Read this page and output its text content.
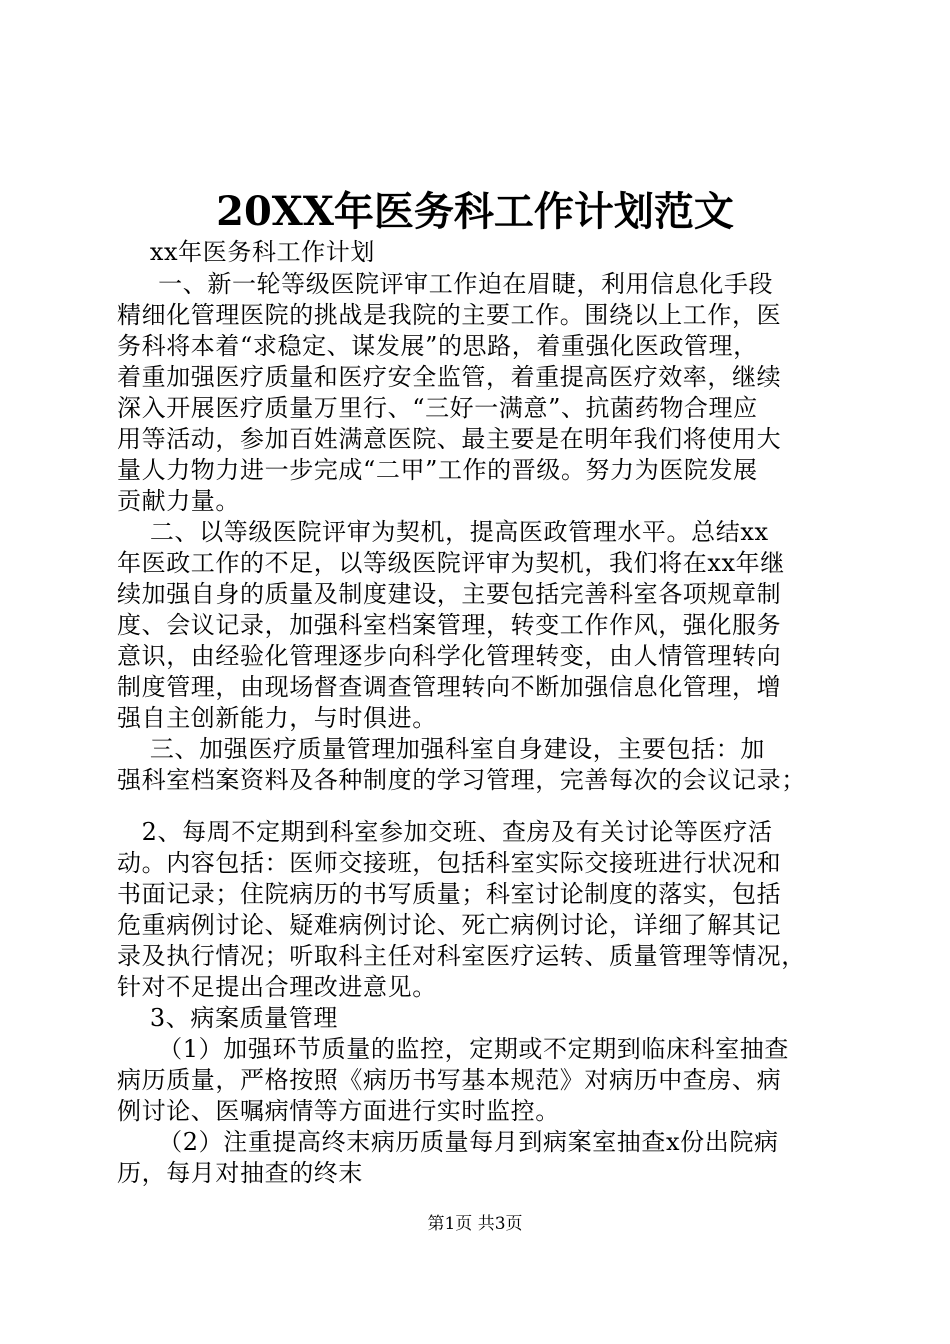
20XX年医务科工作计划范文
xx年医务科工作计划
一、新一轮等级医院评审工作迫在眉睫，利用信息化手段
精细化管理医院的挑战是我院的主要工作。围绕以上工作，医
务科将本着“求稳定、谋发展”的思路，着重强化医政管理，
着重加强医疗质量和医疗安全监管，着重提高医疗效率，继续
深入开展医疗质量万里行、“三好一满意”、抗菌药物合理应
用等活动，参加百姓满意医院、最主要是在明年我们将使用大
量人力物力进一步完成“二甲”工作的晋级。努力为医院发展
贡献力量。
二、以等级医院评审为契机，提高医政管理水平。总结xx
年医政工作的不足，以等级医院评审为契机，我们将在xx年继
续加强自身的质量及制度建设，主要包括完善科室各项规章制
度、会议记录，加强科室档案管理，转变工作作风，强化服务
意识，由经验化管理逐步向科学化管理转变，由人情管理转向
制度管理，由现场督查调查管理转向不断加强信息化管理，增
强自主创新能力，与时俱进。
三、加强医疗质量管理加强科室自身建设，主要包括：加
强科室档案资料及各种制度的学习管理，完善每次的会议记录；
2、每周不定期到科室参加交班、查房及有关讨论等医疗活
动。内容包括：医师交接班，包括科室实际交接班进行状况和
书面记录；住院病历的书写质量；科室讨论制度的落实，包括
危重病例讨论、疑难病例讨论、死亡病例讨论，详细了解其记
录及执行情况；听取科主任对科室医疗运转、质量管理等情况，
针对不足提出合理改进意见。
3、病案质量管理
（1）加强环节质量的监控，定期或不定期到临床科室抽查
病历质量，严格按照《病历书写基本规范》对病历中查房、病
例讨论、医嘱病情等方面进行实时监控。
（2）注重提高终末病历质量每月到病案室抽查x份出院病
历，每月对抽查的终末
第1页 共3页
